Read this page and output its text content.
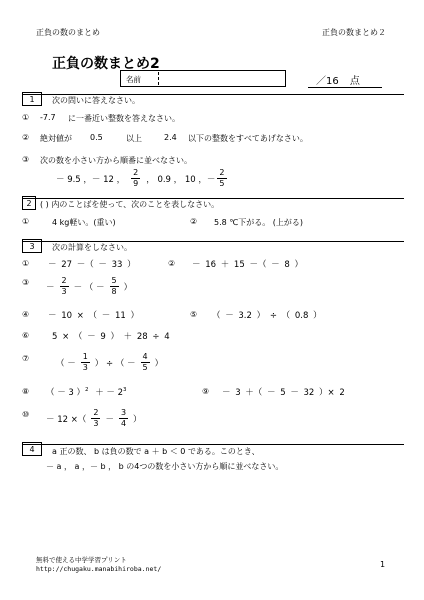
正負の数のまとめ	正負の数まとめ２
正負の数まとめ2
名前	／16 点
1	次の問いに答えなさい。
① -7.7 に一番近い整数を答えなさい。
② 絶対値が 0.5	以上	2.4 以下の整数をすべてあげなさい。
③ 次の数を小さい方から順番に並べなさい。
－ 9.5 ，－ 12 ， $\frac{2}{9}$ ， 0.9 ， 10 ，－ $\frac{2}{5}$
2	( ) 内のことばを使って、次のことを表しなさい。
①	4 kg軽い。(重い)	② 5.8 ℃下がる。 (上がる)
3	次の計算をしなさい。
① － 27 －（ － 33 ）	② － 16 ＋ 15 －（ － 8 ）
③ － $\frac{2}{3}$ － （ － $\frac{5}{8}$ ）
④ － 10 × （ － 11 ）	⑤ （ － 3.2 ） ÷ （ 0.8 ）
⑥	5 × （ － 9 ） ＋ 28 ÷ 4
⑦	（ － $\frac{1}{3}$ ） ÷ （ － $\frac{4}{5}$ ）
⑧ （ － 3 ）$^2$ ＋ － $2^3$	⑨ － 3 ＋（ － 5 － 32 ）× 2
⑩ － 12 ×（ $\frac{2}{3} - \frac{3}{4}$ ）
4	a 正の数、 b は負の数で a ＋ b ＜ 0 である。このとき、
－ a ， a ，－ b ， b の4つの数を小さい方から順に並べなさい。
無料で使える中学学習プリント
http://chugaku.manabihiroba.net/	1
